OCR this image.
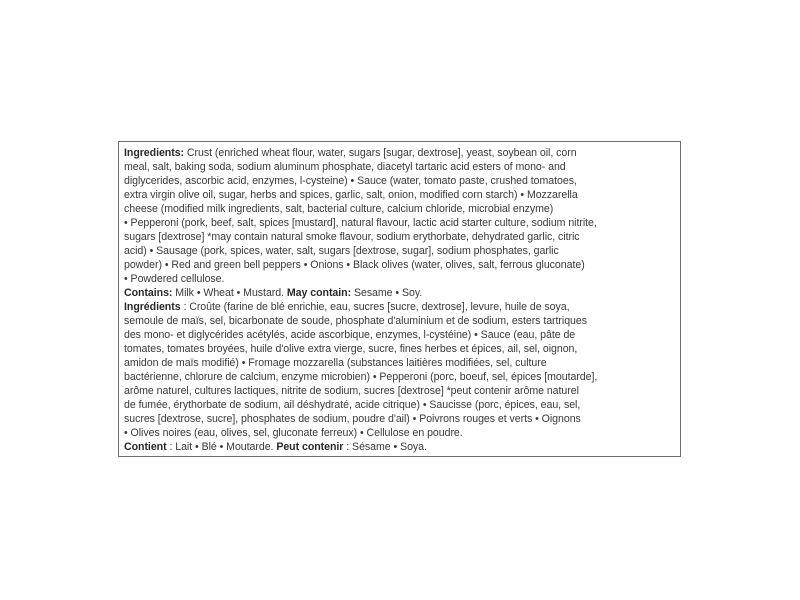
Ingredients: Crust (enriched wheat flour, water, sugars [sugar, dextrose], yeast, soybean oil, corn
meal, salt, baking soda, sodium aluminum phosphate, diacetyl tartaric acid esters of mono- and
diglycerides, ascorbic acid, enzymes, l-cysteine) • Sauce (water, tomato paste, crushed tomatoes,
extra virgin olive oil, sugar, herbs and spices, garlic, salt, onion, modified corn starch) • Mozzarella
cheese (modified milk ingredients, salt, bacterial culture, calcium chloride, microbial enzyme)
• Pepperoni (pork, beef, salt, spices [mustard], natural flavour, lactic acid starter culture, sodium nitrite,
sugars [dextrose] *may contain natural smoke flavour, sodium erythorbate, dehydrated garlic, citric
acid) • Sausage (pork, spices, water, salt, sugars [dextrose, sugar], sodium phosphates, garlic
powder) • Red and green bell peppers • Onions • Black olives (water, olives, salt, ferrous gluconate)
• Powdered cellulose.
Contains: Milk • Wheat • Mustard. May contain: Sesame • Soy.
Ingrédients : Croûte (farine de blé enrichie, eau, sucres [sucre, dextrose], levure, huile de soya,
semoule de maïs, sel, bicarbonate de soude, phosphate d'aluminium et de sodium, esters tartriques
des mono- et diglycérides acétylés, acide ascorbique, enzymes, l-cystéine) • Sauce (eau, pâte de
tomates, tomates broyées, huile d'olive extra vierge, sucre, fines herbes et épices, ail, sel, oignon,
amidon de maïs modifié) • Fromage mozzarella (substances laitières modifiées, sel, culture
bactérienne, chlorure de calcium, enzyme microbien) • Pepperoni (porc, boeuf, sel, épices [moutarde],
arôme naturel, cultures lactiques, nitrite de sodium, sucres [dextrose] *peut contenir arôme naturel
de fumée, érythorbate de sodium, ail déshydraté, acide citrique) • Saucisse (porc, épices, eau, sel,
sucres [dextrose, sucre], phosphates de sodium, poudre d'ail) • Poivrons rouges et verts • Oignons
• Olives noires (eau, olives, sel, gluconate ferreux) • Cellulose en poudre.
Contient : Lait • Blé • Moutarde. Peut contenir : Sésame • Soya.
